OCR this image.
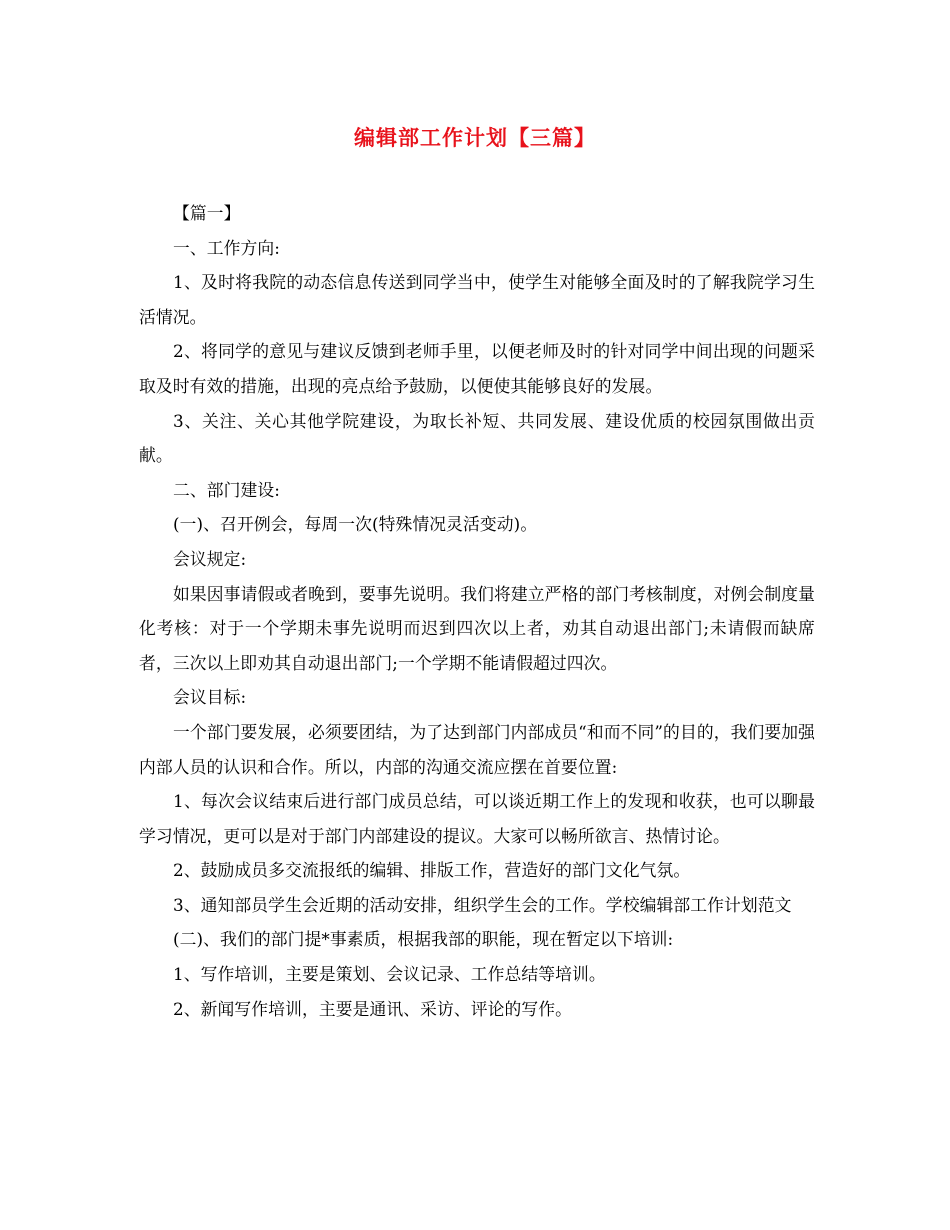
编辑部工作计划【三篇】

【篇一】

一、工作方向:

1、及时将我院的动态信息传送到同学当中，使学生对能够全面及时的了解我院学习生活情况。

2、将同学的意见与建议反馈到老师手里，以便老师及时的针对同学中间出现的问题采取及时有效的措施，出现的亮点给予鼓励，以便使其能够良好的发展。

3、关注、关心其他学院建设，为取长补短、共同发展、建设优质的校园氛围做出贡献。

二、部门建设:

(一)、召开例会，每周一次(特殊情况灵活变动)。

会议规定:

如果因事请假或者晚到，要事先说明。我们将建立严格的部门考核制度，对例会制度量化考核：对于一个学期未事先说明而迟到四次以上者，劝其自动退出部门;未请假而缺席者，三次以上即劝其自动退出部门;一个学期不能请假超过四次。

会议目标:

一个部门要发展，必须要团结，为了达到部门内部成员“和而不同”的目的，我们要加强内部人员的认识和合作。所以，内部的沟通交流应摆在首要位置:

1、每次会议结束后进行部门成员总结，可以谈近期工作上的发现和收获，也可以聊最学习情况，更可以是对于部门内部建设的提议。大家可以畅所欲言、热情讨论。

2、鼓励成员多交流报纸的编辑、排版工作，营造好的部门文化气氛。

3、通知部员学生会近期的活动安排，组织学生会的工作。学校编辑部工作计划范文

(二)、我们的部门提*事素质，根据我部的职能，现在暂定以下培训:

1、写作培训，主要是策划、会议记录、工作总结等培训。

2、新闻写作培训，主要是通讯、采访、评论的写作。
